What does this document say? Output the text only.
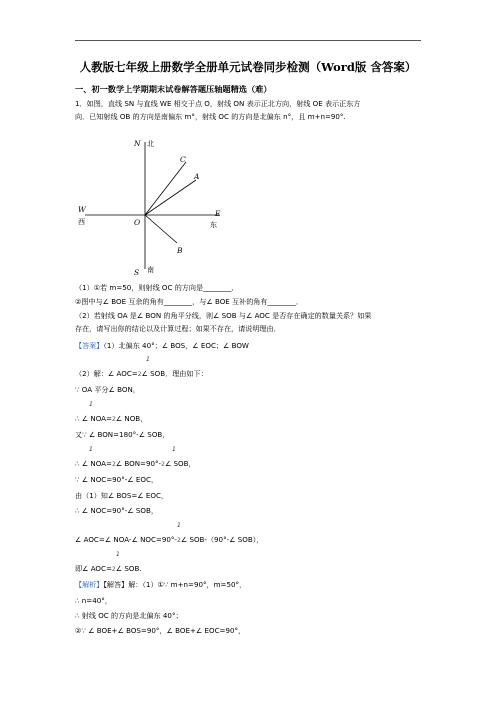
人教版七年级上册数学全册单元试卷同步检测（Word版 含答案）
一、初一数学上学期期末试卷解答题压轴题精选（难）
1．如图，直线 SN 与直线 WE 相交于点 O，射线 ON 表示正北方向，射线 OE 表示正东方
向．已知射线 OB 的方向是南偏东 m°，射线 OC 的方向是北偏东 n°，且 m+n=90°.
N
C
A
W
O
E
B
S
北
西	东
南
（1）①若 m=50，则射线 OC 的方向是________．
②图中与∠ BOE 互余的角有________，与∠ BOE 互补的角有________．
（2）若射线 OA 是∠ BON 的角平分线，则∠ SOB 与∠ AOC 是否存在确定的数量关系？如果
存在，请写出你的结论以及计算过程；如果不存在，请说明理由．
【答案】（1）北偏东 40°；∠ BOS，∠ EOC；∠ BOW
1
（2）解：∠ AOC=2∠ SOB．理由如下：
∵ OA 平分∠ BON，
1
∴ ∠ NOA=2∠ NOB，
又∵ ∠ BON=180°-∠ SOB，
1	1
∴ ∠ NOA=2∠ BON=90°-2∠ SOB，
∵ ∠ NOC=90°-∠ EOC，
由（1）知∠ BOS=∠ EOC，
∴ ∠ NOC=90°-∠ SOB，
1
∠ AOC=∠ NOA-∠ NOC=90°-2∠ SOB-（90°-∠ SOB），
1
即∠ AOC=2∠ SOB.
【解析】【解答】解：（1）①∵ m+n=90°，m=50°，
∴ n=40°，
∴ 射线 OC 的方向是北偏东 40°；
②∵ ∠ BOE+∠ BOS=90°，∠ BOE+∠ EOC=90°，
